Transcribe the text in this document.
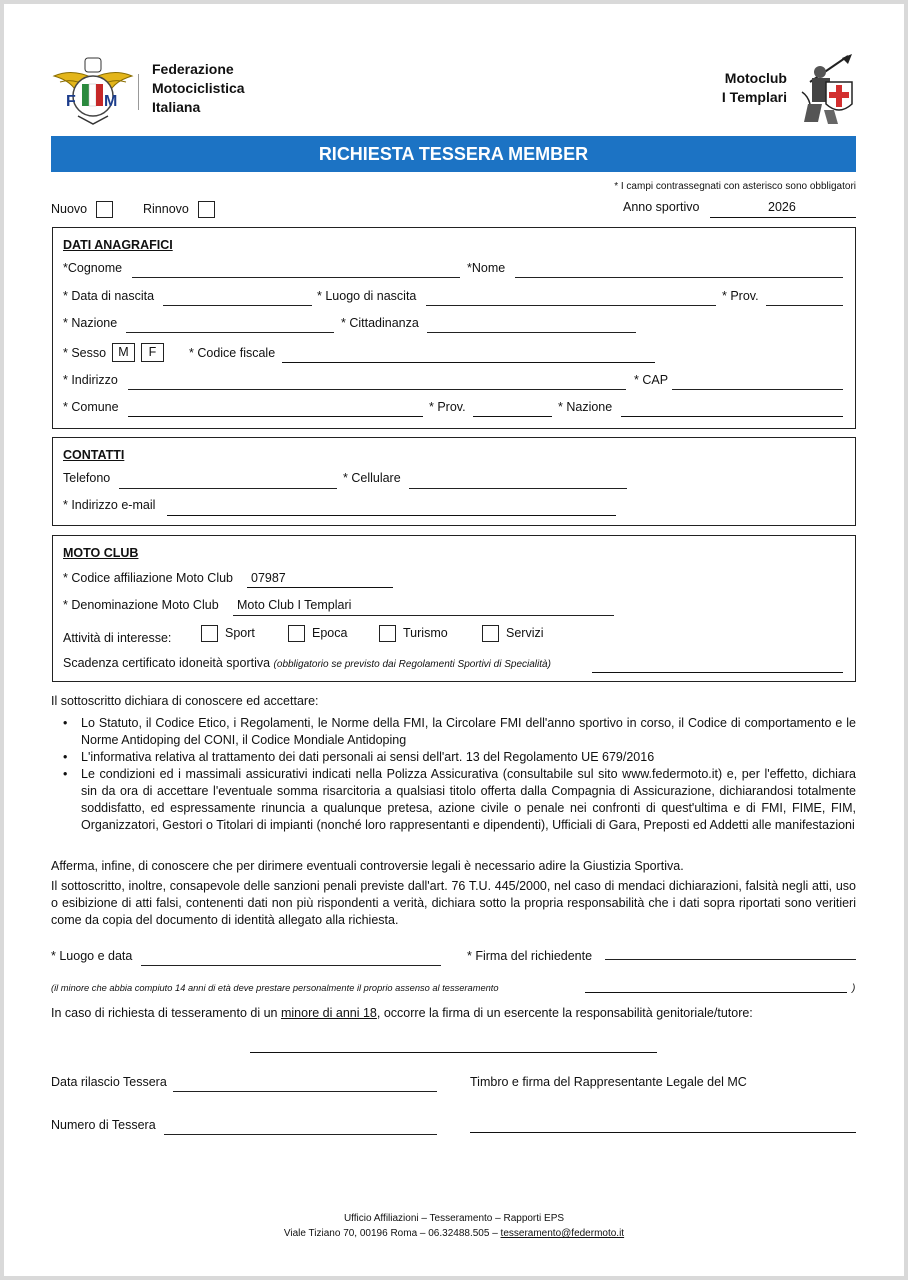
F M
Federazione
Motociclistica
Italiana
Motoclub
I Templari
RICHIESTA TESSERA MEMBER
* I campi contrassegnati con asterisco sono obbligatori
Nuovo	Rinnovo	Anno sportivo	2026
DATI ANAGRAFICI
*Cognome	*Nome
* Data di nascita	* Luogo di nascita	* Prov.
* Nazione	* Cittadinanza
* Sesso M	F	* Codice fiscale
* Indirizzo	* CAP
* Comune	* Prov.	* Nazione
CONTATTI
Telefono	* Cellulare
* Indirizzo e-mail
MOTO CLUB
* Codice affiliazione Moto Club 07987
* Denominazione Moto Club Moto Club I Templari
Attività di interesse:	Sport	Epoca	Turismo	Servizi
Scadenza certificato idoneità sportiva (obbligatorio se previsto dai Regolamenti Sportivi di Specialità)
Il sottoscritto dichiara di conoscere ed accettare:
• Lo Statuto, il Codice Etico, i Regolamenti, le Norme della FMI, la Circolare FMI dell'anno sportivo in corso, il Codice di comportamento e le Norme Antidoping del CONI, il Codice Mondiale Antidoping
• L'informativa relativa al trattamento dei dati personali ai sensi dell'art. 13 del Regolamento UE 679/2016
• Le condizioni ed i massimali assicurativi indicati nella Polizza Assicurativa (consultabile sul sito www.federmoto.it) e, per l'effetto, dichiara sin da ora di accettare l'eventuale somma risarcitoria a qualsiasi titolo offerta dalla Compagnia di Assicurazione, dichiarandosi totalmente soddisfatto, ed espressamente rinuncia a qualunque pretesa, azione civile o penale nei confronti di quest'ultima e di FMI, FIME, FIM, Organizzatori, Gestori o Titolari di impianti (nonché loro rappresentanti e dipendenti), Ufficiali di Gara, Preposti ed Addetti alle manifestazioni
Afferma, infine, di conoscere che per dirimere eventuali controversie legali è necessario adire la Giustizia Sportiva.
Il sottoscritto, inoltre, consapevole delle sanzioni penali previste dall'art. 76 T.U. 445/2000, nel caso di mendaci dichiarazioni, falsità negli atti, uso o esibizione di atti falsi, contenenti dati non più rispondenti a verità, dichiara sotto la propria responsabilità che i dati sopra riportati sono veritieri come da copia del documento di identità allegato alla richiesta.
* Luogo e data	* Firma del richiedente
(il minore che abbia compiuto 14 anni di età deve prestare personalmente il proprio assenso al tesseramento	)
In caso di richiesta di tesseramento di un minore di anni 18, occorre la firma di un esercente la responsabilità genitoriale/tutore:
Data rilascio Tessera	Timbro e firma del Rappresentante Legale del MC
Numero di Tessera
Ufficio Affiliazioni – Tesseramento – Rapporti EPS
Viale Tiziano 70, 00196 Roma – 06.32488.505 – tesseramento@federmoto.it
